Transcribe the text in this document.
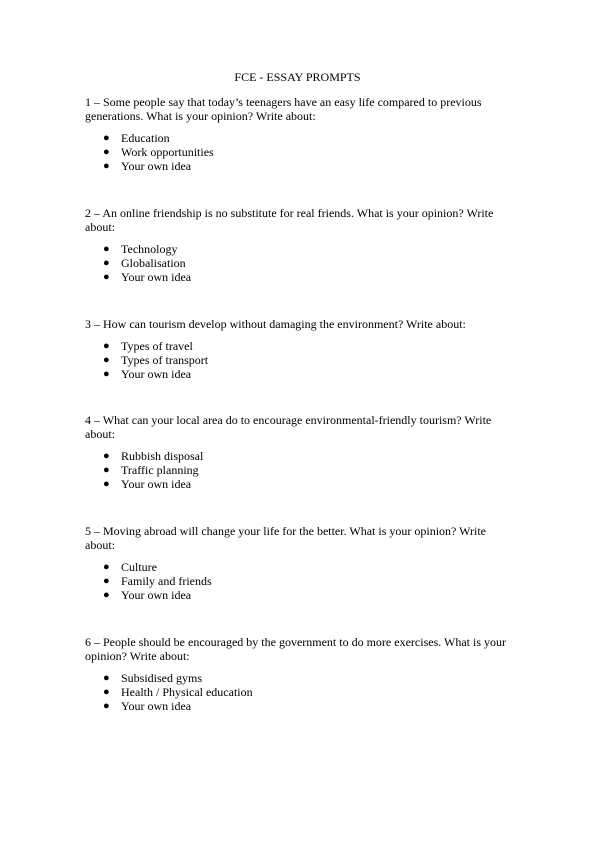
FCE - ESSAY PROMPTS

1 – Some people say that today’s teenagers have an easy life compared to previous generations. What is your opinion? Write about:

● Education
● Work opportunities
● Your own idea

2 – An online friendship is no substitute for real friends. What is your opinion? Write about:

● Technology
● Globalisation
● Your own idea

3 – How can tourism develop without damaging the environment? Write about:

● Types of travel
● Types of transport
● Your own idea

4 – What can your local area do to encourage environmental-friendly tourism? Write about:

● Rubbish disposal
● Traffic planning
● Your own idea

5 – Moving abroad will change your life for the better. What is your opinion? Write about:

● Culture
● Family and friends
● Your own idea

6 – People should be encouraged by the government to do more exercises. What is your opinion? Write about:

● Subsidised gyms
● Health / Physical education
● Your own idea
